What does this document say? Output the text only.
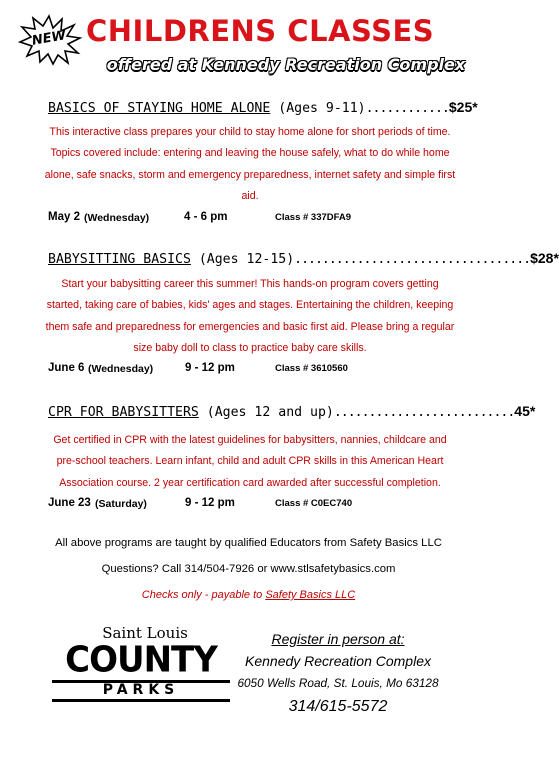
NEW CHILDRENS CLASSES
offered at Kennedy Recreation Complex
BASICS OF STAYING HOME ALONE (Ages 9-11)............$25*
This interactive class prepares your child to stay home alone for short periods of time. Topics covered include: entering and leaving the house safely, what to do while home alone, safe snacks, storm and emergency preparedness, internet safety and simple first aid.
May 2 (Wednesday)	4 - 6 pm	Class # 337DFA9
BABYSITTING BASICS (Ages 12-15)..................................$28*
Start your babysitting career this summer! This hands-on program covers getting started, taking care of babies, kids' ages and stages. Entertaining the children, keeping them safe and preparedness for emergencies and basic first aid. Please bring a regular size baby doll to class to practice baby care skills.
June 6 (Wednesday)	9 - 12 pm	Class # 3610560
CPR FOR BABYSITTERS (Ages 12 and up)..........................45*
Get certified in CPR with the latest guidelines for babysitters, nannies, childcare and pre-school teachers. Learn infant, child and adult CPR skills in this American Heart Association course. 2 year certification card awarded after successful completion.
June 23 (Saturday)	9 - 12 pm	Class # C0EC740
All above programs are taught by qualified Educators from Safety Basics LLC
Questions? Call 314/504-7926 or www.stlsafetybasics.com
Checks only - payable to Safety Basics LLC
Saint Louis
COUNTY
PARKS
Register in person at:
Kennedy Recreation Complex
6050 Wells Road, St. Louis, Mo 63128
314/615-5572
